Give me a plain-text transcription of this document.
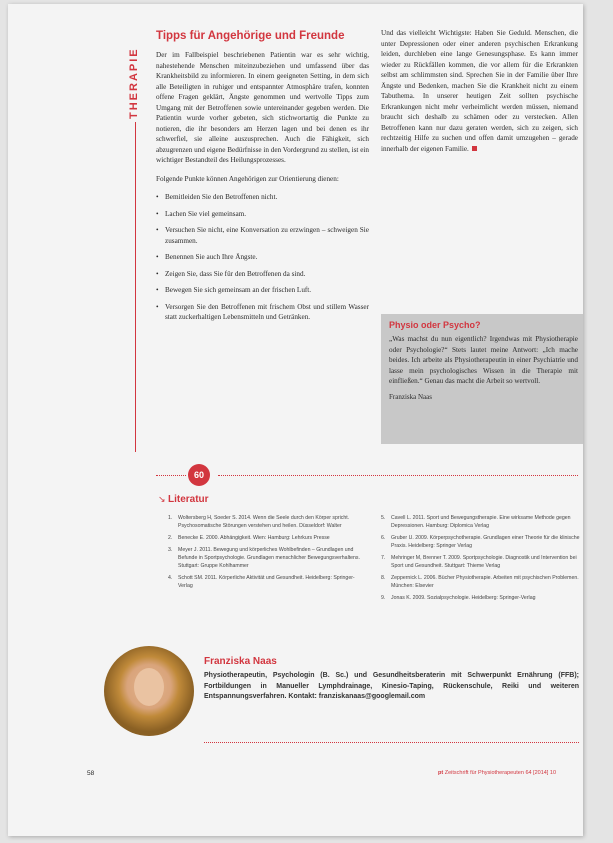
THERAPIE
Tipps für Angehörige und Freunde

Der im Fallbeispiel beschriebenen Patientin war es sehr wichtig, nahestehende Menschen miteinzubeziehen und umfassend über das Krankheitsbild zu informieren. In einem geeigneten Setting, in dem sich alle Beteiligten in ruhiger und entspannter Atmosphäre trafen, konnten offene Fragen geklärt, Ängste genommen und wertvolle Tipps zum Umgang mit der Betroffenen sowie untereinander gegeben werden. Die Patientin wurde vorher gebeten, sich stichwortartig die Punkte zu notieren, die ihr besonders am Herzen lagen und bei denen es ihr schwerfiel, sie alleine auszusprechen. Auch die Fähigkeit, sich abzugrenzen und eigene Bedürfnisse in den Vordergrund zu stellen, ist ein wichtiger Bestandteil des Heilungsprozesses.

Folgende Punkte können Angehörigen zur Orientierung dienen:

• Bemitleiden Sie den Betroffenen nicht.
• Lachen Sie viel gemeinsam.
• Versuchen Sie nicht, eine Konversation zu erzwingen – schweigen Sie zusammen.
• Benennen Sie auch Ihre Ängste.
• Zeigen Sie, dass Sie für den Betroffenen da sind.
• Bewegen Sie sich gemeinsam an der frischen Luft.
• Versorgen Sie den Betroffenen mit frischem Obst und stillem Wasser statt zuckerhaltigen Lebensmitteln und Getränken.

Und das vielleicht Wichtigste: Haben Sie Geduld. Menschen, die unter Depressionen oder einer anderen psychischen Erkrankung leiden, durchleben eine lange Genesungsphase. Es kann immer wieder zu Rückfällen kommen, die vor allem für die Erkrankten selbst am schlimmsten sind. Sprechen Sie in der Familie über Ihre Ängste und Bedenken, machen Sie die Krankheit nicht zu einem Tabuthema. In unserer heutigen Zeit sollten psychische Erkrankungen nicht mehr verheimlicht werden müssen, niemand braucht sich deshalb zu schämen oder zu verstecken. Allen Betroffenen kann nur dazu geraten werden, sich zu zeigen, sich rechtzeitig Hilfe zu suchen und offen damit umzugehen – gerade innerhalb der eigenen Familie.

Physio oder Psycho?

„Was machst du nun eigentlich? Irgendwas mit Physiotherapie oder Psychologie?“ Stets lautet meine Antwort: „Ich mache beides. Ich arbeite als Physiotherapeutin in einer Psychiatrie und lasse mein psychologisches Wissen in die Therapie mit einfließen.“ Genau das macht die Arbeit so wertvoll.

Franziska Naas

60
↘ Literatur
1. Woltersberg H, Soeder S. 2014. Wenn die Seele durch den Körper spricht. Psychosomatische Störungen verstehen und heilen. Düsseldorf: Walter
2. Benecke E. 2000. Abhängigkeit. Wien: Hamburg: Lehrkurs Presse
3. Meyer J. 2011. Bewegung und körperliches Wohlbefinden – Grundlagen und Befunde in Sportpsychologie. Grundlagen menschlicher Bewegungsverhaltens. Stuttgart: Gruppe Kohlhammer
4. Schott SM. 2011. Körperliche Aktivität und Gesundheit. Heidelberg: Springer-Verlag
5. Cavell L. 2011. Sport und Bewegungstherapie. Eine wirksame Methode gegen Depressionen. Hamburg: Diplomica Verlag
6. Gruber U. 2009. Körperpsychotherapie. Grundlagen einer Theorie für die klinische Praxis. Heidelberg: Springer Verlag
7. Mehringer M, Brenner T. 2009. Sportpsychologie. Diagnostik und Intervention bei Sport und Gesundheit. Stuttgart: Thieme Verlag
8. Zeppernick L. 2006. Bücher Physiotherapie. Arbeiten mit psychischen Problemen. München: Elsevier
9. Jonas K. 2009. Sozialpsychologie. Heidelberg: Springer-Verlag
Franziska Naas

Physiotherapeutin, Psychologin (B. Sc.) und Gesundheitsberaterin mit Schwerpunkt Ernährung (FFB); Fortbildungen in Manueller Lymphdrainage, Kinesio-Taping, Rückenschule, Reiki und weiteren Entspannungsverfahren. Kontakt: franziskanaas@googlemail.com

58	pt Zeitschrift für Physiotherapeuten 64 [2014] 10
